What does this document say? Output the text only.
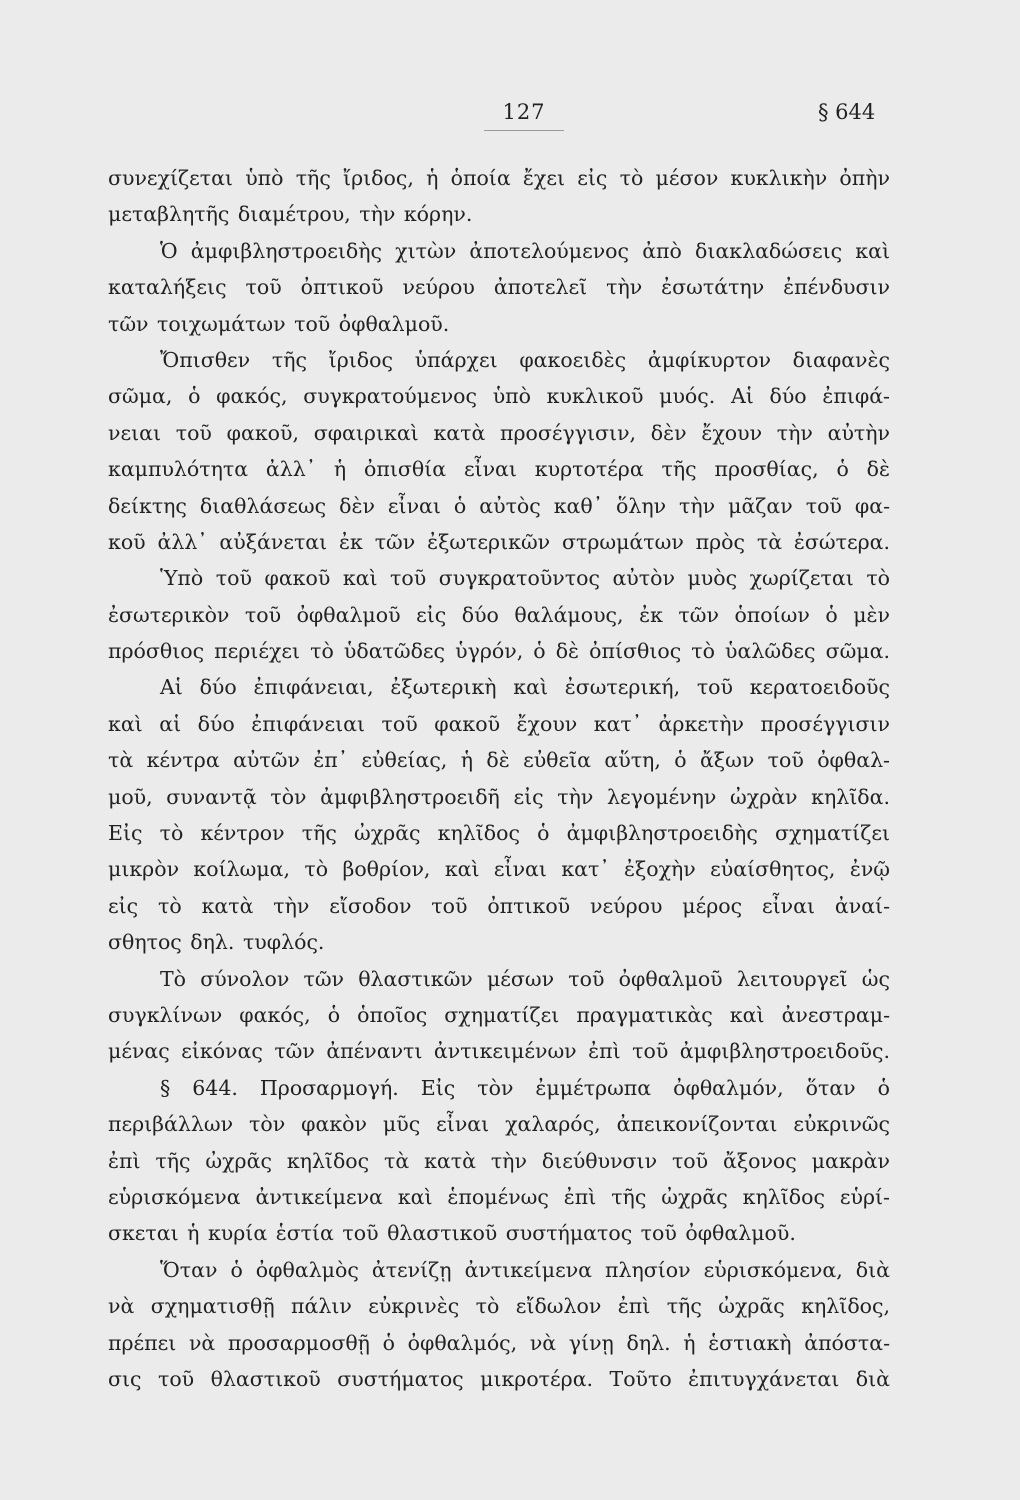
127	§ 644
συνεχίζεται ὑπὸ τῆς ἴριδος, ἡ ὁποία ἔχει εἰς τὸ μέσον κυκλικὴν ὀπὴν
μεταβλητῆς διαμέτρου, τὴν κόρην.
Ὁ ἀμφιβληστροειδὴς χιτὼν ἀποτελούμενος ἀπὸ διακλαδώσεις καὶ
καταλήξεις τοῦ ὀπτικοῦ νεύρου ἀποτελεῖ τὴν ἐσωτάτην ἐπένδυσιν
τῶν τοιχωμάτων τοῦ ὀφθαλμοῦ.
Ὄπισθεν τῆς ἴριδος ὑπάρχει φακοειδὲς ἀμφίκυρτον διαφανὲς
σῶμα, ὁ φακός, συγκρατούμενος ὑπὸ κυκλικοῦ μυός. Αἱ δύο ἐπιφά-
νειαι τοῦ φακοῦ, σφαιρικαὶ κατὰ προσέγγισιν, δὲν ἔχουν τὴν αὐτὴν
καμπυλότητα ἀλλ᾽ ἡ ὀπισθία εἶναι κυρτοτέρα τῆς προσθίας, ὁ δὲ
δείκτης διαθλάσεως δὲν εἶναι ὁ αὐτὸς καθ᾽ ὅλην τὴν μᾶζαν τοῦ φα-
κοῦ ἀλλ᾽ αὐξάνεται ἐκ τῶν ἐξωτερικῶν στρωμάτων πρὸς τὰ ἐσώτερα.
Ὑπὸ τοῦ φακοῦ καὶ τοῦ συγκρατοῦντος αὐτὸν μυὸς χωρίζεται τὸ
ἐσωτερικὸν τοῦ ὀφθαλμοῦ εἰς δύο θαλάμους, ἐκ τῶν ὁποίων ὁ μὲν
πρόσθιος περιέχει τὸ ὑδατῶδες ὑγρόν, ὁ δὲ ὀπίσθιος τὸ ὑαλῶδες σῶμα.
Αἱ δύο ἐπιφάνειαι, ἐξωτερικὴ καὶ ἐσωτερική, τοῦ κερατοειδοῦς
καὶ αἱ δύο ἐπιφάνειαι τοῦ φακοῦ ἔχουν κατ᾽ ἀρκετὴν προσέγγισιν
τὰ κέντρα αὐτῶν ἐπ᾽ εὐθείας, ἡ δὲ εὐθεῖα αὕτη, ὁ ἄξων τοῦ ὀφθαλ-
μοῦ, συναντᾷ τὸν ἀμφιβληστροειδῆ εἰς τὴν λεγομένην ὠχρὰν κηλῖδα.
Εἰς τὸ κέντρον τῆς ὠχρᾶς κηλῖδος ὁ ἀμφιβληστροειδὴς σχηματίζει
μικρὸν κοίλωμα, τὸ βοθρίον, καὶ εἶναι κατ᾽ ἐξοχὴν εὐαίσθητος, ἐνῷ
εἰς τὸ κατὰ τὴν εἴσοδον τοῦ ὀπτικοῦ νεύρου μέρος εἶναι ἀναί-
σθητος δηλ. τυφλός.
Τὸ σύνολον τῶν θλαστικῶν μέσων τοῦ ὀφθαλμοῦ λειτουργεῖ ὡς
συγκλίνων φακός, ὁ ὁποῖος σχηματίζει πραγματικὰς καὶ ἀνεστραμ-
μένας εἰκόνας τῶν ἀπέναντι ἀντικειμένων ἐπὶ τοῦ ἀμφιβληστροειδοῦς.
§ 644. Προσαρμογή. Εἰς τὸν ἐμμέτρωπα ὀφθαλμόν, ὅταν ὁ
περιβάλλων τὸν φακὸν μῦς εἶναι χαλαρός, ἀπεικονίζονται εὐκρινῶς
ἐπὶ τῆς ὠχρᾶς κηλῖδος τὰ κατὰ τὴν διεύθυνσιν τοῦ ἄξονος μακρὰν
εὑρισκόμενα ἀντικείμενα καὶ ἑπομένως ἐπὶ τῆς ὠχρᾶς κηλῖδος εὑρί-
σκεται ἡ κυρία ἑστία τοῦ θλαστικοῦ συστήματος τοῦ ὀφθαλμοῦ.
Ὅταν ὁ ὀφθαλμὸς ἀτενίζῃ ἀντικείμενα πλησίον εὑρισκόμενα, διὰ
νὰ σχηματισθῇ πάλιν εὐκρινὲς τὸ εἴδωλον ἐπὶ τῆς ὠχρᾶς κηλῖδος,
πρέπει νὰ προσαρμοσθῇ ὁ ὀφθαλμός, νὰ γίνῃ δηλ. ἡ ἑστιακὴ ἀπόστα-
σις τοῦ θλαστικοῦ συστήματος μικροτέρα. Τοῦτο ἐπιτυγχάνεται διὰ
